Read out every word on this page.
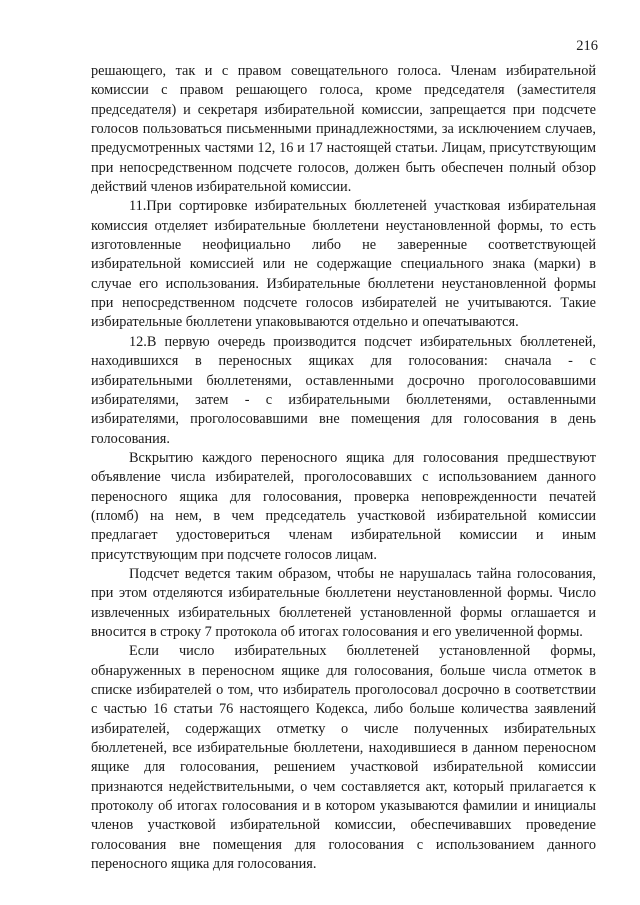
216

решающего, так и с правом совещательного голоса. Членам избирательной комиссии с правом решающего голоса, кроме председателя (заместителя председателя) и секретаря избирательной комиссии, запрещается при подсчете голосов пользоваться письменными принадлежностями, за исключением случаев, предусмотренных частями 12, 16 и 17 настоящей статьи. Лицам, присутствующим при непосредственном подсчете голосов, должен быть обеспечен полный обзор действий членов избирательной комиссии.

11.При сортировке избирательных бюллетеней участковая избирательная комиссия отделяет избирательные бюллетени неустановленной формы, то есть изготовленные неофициально либо не заверенные соответствующей избирательной комиссией или не содержащие специального знака (марки) в случае его использования. Избирательные бюллетени неустановленной формы при непосредственном подсчете голосов избирателей не учитываются. Такие избирательные бюллетени упаковываются отдельно и опечатываются.

12.В первую очередь производится подсчет избирательных бюллетеней, находившихся в переносных ящиках для голосования: сначала - с избирательными бюллетенями, оставленными досрочно проголосовавшими избирателями, затем - с избирательными бюллетенями, оставленными избирателями, проголосовавшими вне помещения для голосования в день голосования.

Вскрытию каждого переносного ящика для голосования предшествуют объявление числа избирателей, проголосовавших с использованием данного переносного ящика для голосования, проверка неповрежденности печатей (пломб) на нем, в чем председатель участковой избирательной комиссии предлагает удостовериться членам избирательной комиссии и иным присутствующим при подсчете голосов лицам.

Подсчет ведется таким образом, чтобы не нарушалась тайна голосования, при этом отделяются избирательные бюллетени неустановленной формы. Число извлеченных избирательных бюллетеней установленной формы оглашается и вносится в строку 7 протокола об итогах голосования и его увеличенной формы.

Если число избирательных бюллетеней установленной формы, обнаруженных в переносном ящике для голосования, больше числа отметок в списке избирателей о том, что избиратель проголосовал досрочно в соответствии с частью 16 статьи 76 настоящего Кодекса, либо больше количества заявлений избирателей, содержащих отметку о числе полученных избирательных бюллетеней, все избирательные бюллетени, находившиеся в данном переносном ящике для голосования, решением участковой избирательной комиссии признаются недействительными, о чем составляется акт, который прилагается к протоколу об итогах голосования и в котором указываются фамилии и инициалы членов участковой избирательной комиссии, обеспечивавших проведение голосования вне помещения для голосования с использованием данного переносного ящика для голосования.
